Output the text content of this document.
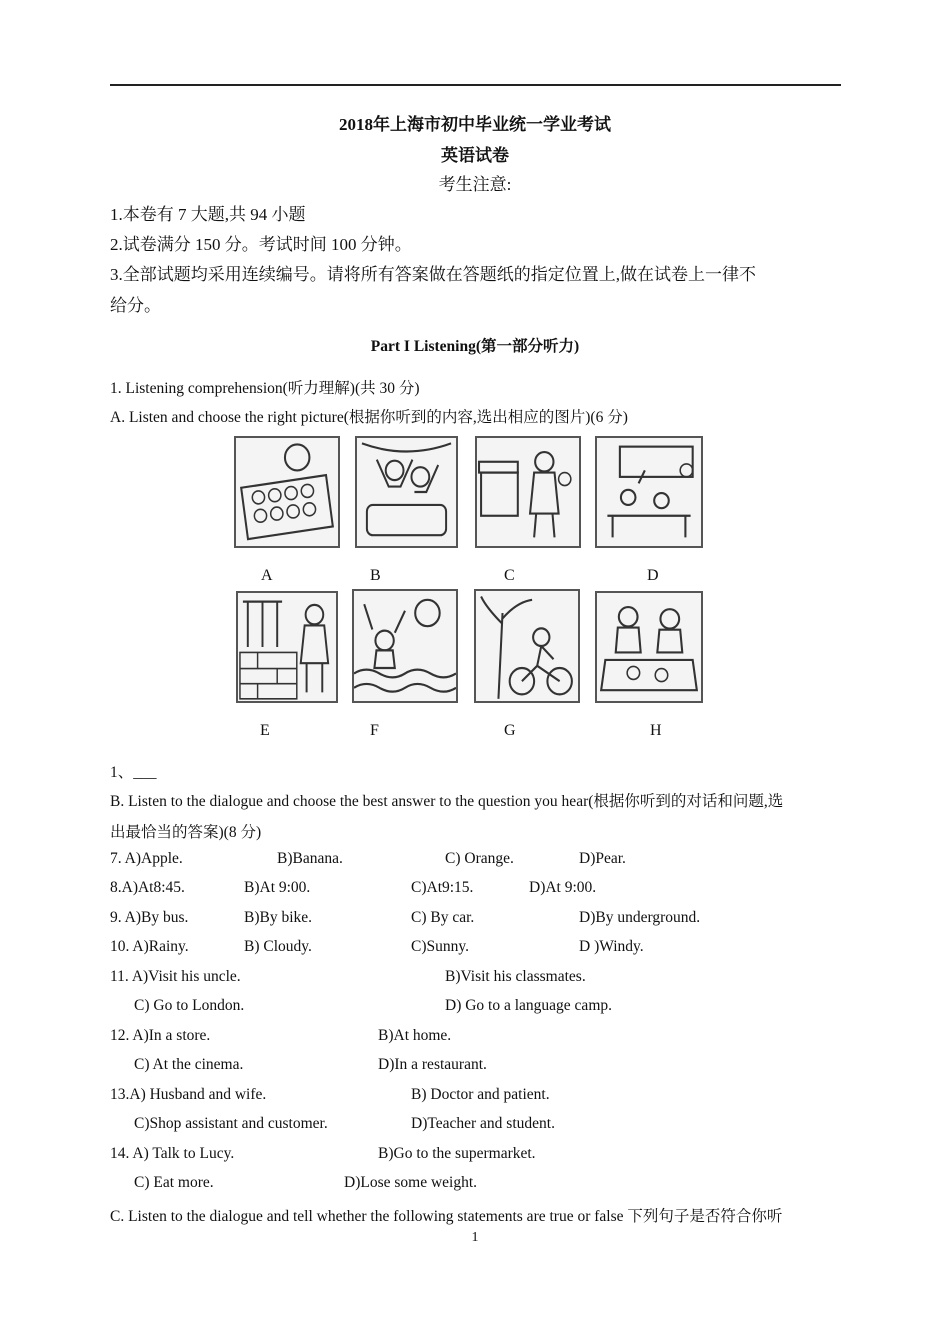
2018年上海市初中毕业统一学业考试
英语试卷
考生注意:
1.本卷有 7 大题,共 94 小题
2.试卷满分 150 分。考试时间 100 分钟。
3.全部试题均采用连续编号。请将所有答案做在答题纸的指定位置上,做在试卷上一律不
给分。
Part I Listening(第一部分听力)
1. Listening comprehension(听力理解)(共 30 分)
A. Listen and choose the right picture(根据你听到的内容,选出相应的图片)(6 分)
A	B	C	D
E	F	G	H
1、___
B. Listen to the dialogue and choose the best answer to the question you hear(根据你听到的对话和问题,选
出最恰当的答案)(8 分)
7. A)Apple.	B)Banana.	C) Orange.	D)Pear.
8.A)At8:45.	B)At 9:00.	C)At9:15.	D)At 9:00.
9. A)By bus.	B)By bike.	C) By car.	D)By underground.
10. A)Rainy.	B) Cloudy.	C)Sunny.	D )Windy.
11. A)Visit his uncle.	B)Visit his classmates.
C) Go to London.	D) Go to a language camp.
12. A)In a store.	B)At home.
C) At the cinema.	D)In a restaurant.
13.A) Husband and wife.	B) Doctor and patient.
C)Shop assistant and customer.	D)Teacher and student.
14. A) Talk to Lucy.	B)Go to the supermarket.
C) Eat more.	D)Lose some weight.
C. Listen to the dialogue and tell whether the following statements are true or false 下列句子是否符合你听
1
